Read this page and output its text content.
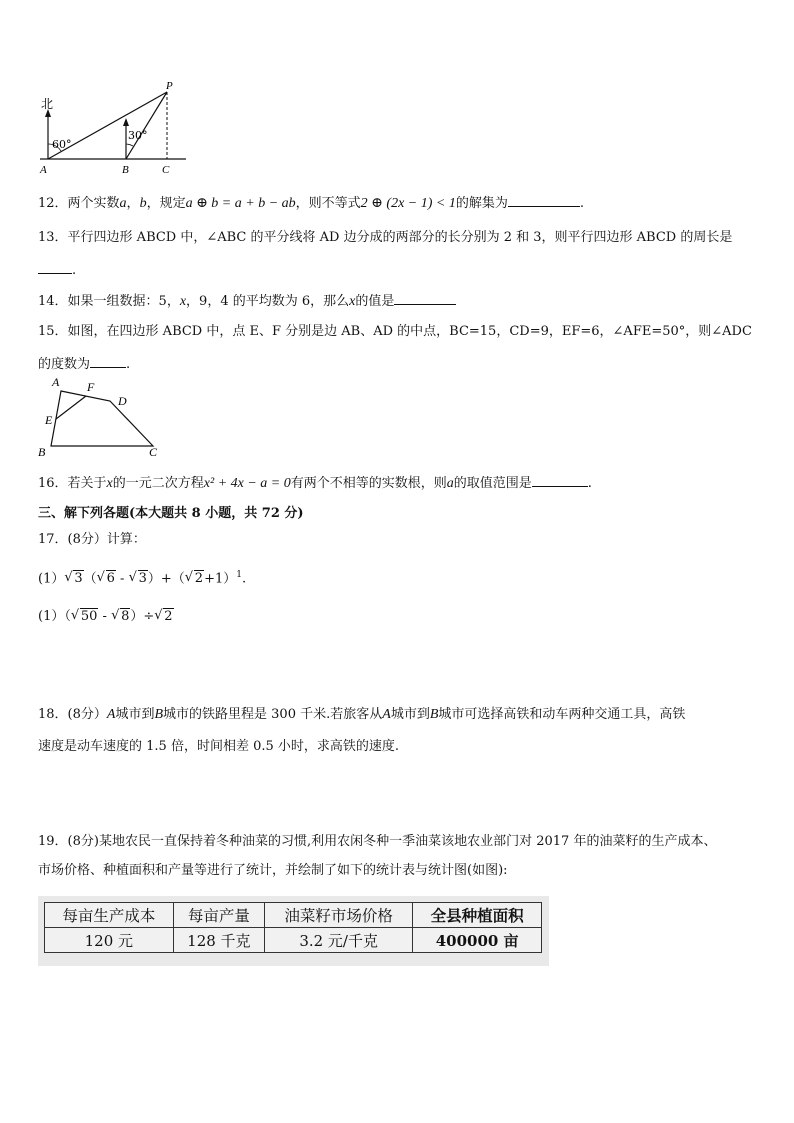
北
60°
30°
A	B	C
P
12．两个实数a，b，规定a ⊕ b = a + b − ab，则不等式2 ⊕ (2x − 1) < 1的解集为	.
13．平行四边形 ABCD 中，∠ABC 的平分线将 AD 边分成的两部分的长分别为 2 和 3，则平行四边形 ABCD 的周长是
.
14．如果一组数据：5，x，9，4 的平均数为 6，那么x的值是
15．如图，在四边形 ABCD 中，点 E、F 分别是边 AB、AD 的中点，BC=15，CD=9，EF=6，∠AFE=50°，则∠ADC
的度数为	.
A F
D
E
B	C
16．若关于x的一元二次方程x² + 4x − a = 0有两个不相等的实数根，则a的取值范围是	.
三、解下列各题(本大题共 8 小题，共 72 分)
17．(8分）计算：
(1） √ 3（ √ 6 - √ 3）+（ √ 2+1）$^1$.
(1）（ √ 50 - √ 8）÷ √ 2
18．(8分）A城市到B城市的铁路里程是 300 千米.若旅客从A城市到B城市可选择高铁和动车两种交通工具，高铁
速度是动车速度的 1.5 倍，时间相差 0.5 小时，求高铁的速度.
19．(8分)某地农民一直保持着冬种油菜的习惯,利用农闲冬种一季油菜该地农业部门对 2017 年的油菜籽的生产成本、
市场价格、种植面积和产量等进行了统计，并绘制了如下的统计表与统计图(如图):
每亩生产成本	每亩产量	油菜籽市场价格	全县种植面积
120 元	128 千克	3.2 元/千克	400000 亩
